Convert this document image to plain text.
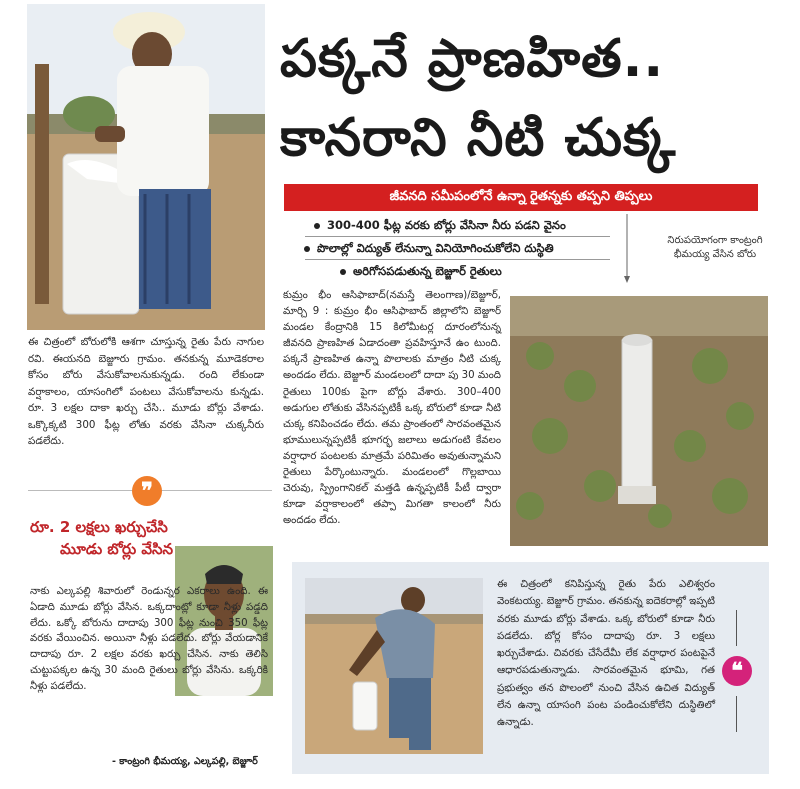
పక్కనే ప్రాణహిత..
కానరాని నీటి చుక్క
జీవనది సమీపంలోనే ఉన్నా రైతన్నకు తప్పని తిప్పలు
300-400 ఫీట్ల వరకు బోర్లు వేసినా నీరు పడని వైనం
పొలాల్లో విద్యుత్ లేనున్నా వినియోగించుకోలేని దుస్థితి
అరిగోసపడుతున్న బెజ్జూర్ రైతులు
నిరుపయోగంగా కాంట్రంగి భీమయ్య వేసిన బోరు
ఈ చిత్రంలో బోరులోకి ఆశగా చూస్తున్న రైతు పేరు నాగుల రవి. ఈయనది బెజ్జూరు గ్రామం. తనకున్న మూడెకరాల కోసం బోరు వేసుకోవాలనుకున్నడు. రంది లేకుండా వర్షాకాలం, యాసంగిలో పంటలు వేసుకోవాలను కున్నడు. రూ. 3 లక్షల దాకా ఖర్చు చేసి.. మూడు బోర్లు వేశాడు. ఒక్కొక్కటి 300 ఫీట్ల లోతు వరకు వేసినా చుక్కనీరు పడలేదు.
కుమ్రం భీం ఆసిఫాబాద్(నమస్తే తెలంగాణ)/బెజ్జూర్, మార్చి 9 : కుమ్రం భీం ఆసిఫాబాద్ జిల్లాలోని బెజ్జూర్ మండల కేంద్రానికి 15 కిలోమీటర్ల దూరంలోనున్న జీవనది ప్రాణహిత ఏడాదంతా ప్రవహిస్తూనే ఉం టుంది. పక్కనే ప్రాణహిత ఉన్నా పొలాలకు మాత్రం నీటి చుక్క అందడం లేదు. బెజ్జూర్ మండలంలో దాదా పు 30 మంది రైతులు 100కు పైగా బోర్లు వేశారు. 300–400 అడుగుల లోతుకు వేసినప్పటికీ ఒక్క బోరులో కూడా నీటి చుక్క కనిపించడం లేదు. తమ ప్రాంతంలో సారవంతమైన భూములున్నప్పటికీ భూగర్భ జలాలు అడుగంటి కేవలం వర్షాధార పంటలకు మాత్రమే పరిమితం అవుతున్నామని రైతులు పేర్కొంటున్నారు. మండలంలో గొల్లబాయి చెరువు, స్ప్రింగానికల్ మత్తడి ఉన్నప్పటికీ పీటీ ద్వారా కూడా వర్షాకాలంలో తప్పా మిగతా కాలంలో నీరు అందడం లేదు.
❞
రూ. 2 లక్షలు ఖర్చుచేసి
మూడు బోర్లు వేసిన
నాకు ఎల్కపల్లి శివారులో రెండున్నర ఎకరాలు ఉంది. ఈ ఏడాది మూడు బోర్లు వేసిన. ఒక్కదాంట్లో కూడా నీళ్లు పడ్డది లేదు. ఒక్కో బోరును దాదాపు 300 ఫీట్ల నుంచి 350 ఫీట్ల వరకు వేయించిన. అయినా నీళ్లు పడలేదు. బోర్లు వేయడానికే దాదాపు రూ. 2 లక్షల వరకు ఖర్చు చేసిన. నాకు తెలిసి చుట్టుపక్కల ఉన్న 30 మంది రైతులు బోర్లు వేసిను. ఒక్కరికి నీళ్లు పడలేదు.
- కాంట్రంగి భీమయ్య, ఎల్కపల్లి, బెజ్జూర్
ఈ చిత్రంలో కనిపిస్తున్న రైతు పేరు ఎలిశ్వరం వెంకటయ్య. బెజ్జూర్ గ్రామం. తనకున్న ఐదెకరాల్లో ఇప్పటి వరకు మూడు బోర్లు వేశాడు. ఒక్క బోరులో కూడా నీరు పడలేదు. బోర్ల కోసం దాదాపు రూ. 3 లక్షలు ఖర్చుచేశాడు. చివరకు చేసేదేమీ లేక వర్షాధార పంటపైనే ఆధారపడుతున్నాడు. సారవంతమైన భూమి, గత ప్రభుత్వం తన పొలంలో నుంచి వేసిన ఉచిత విద్యుత్ లేన ఉన్నా యాసంగి పంట పండించుకోలేని దుస్థితిలో ఉన్నాడు.
❝
